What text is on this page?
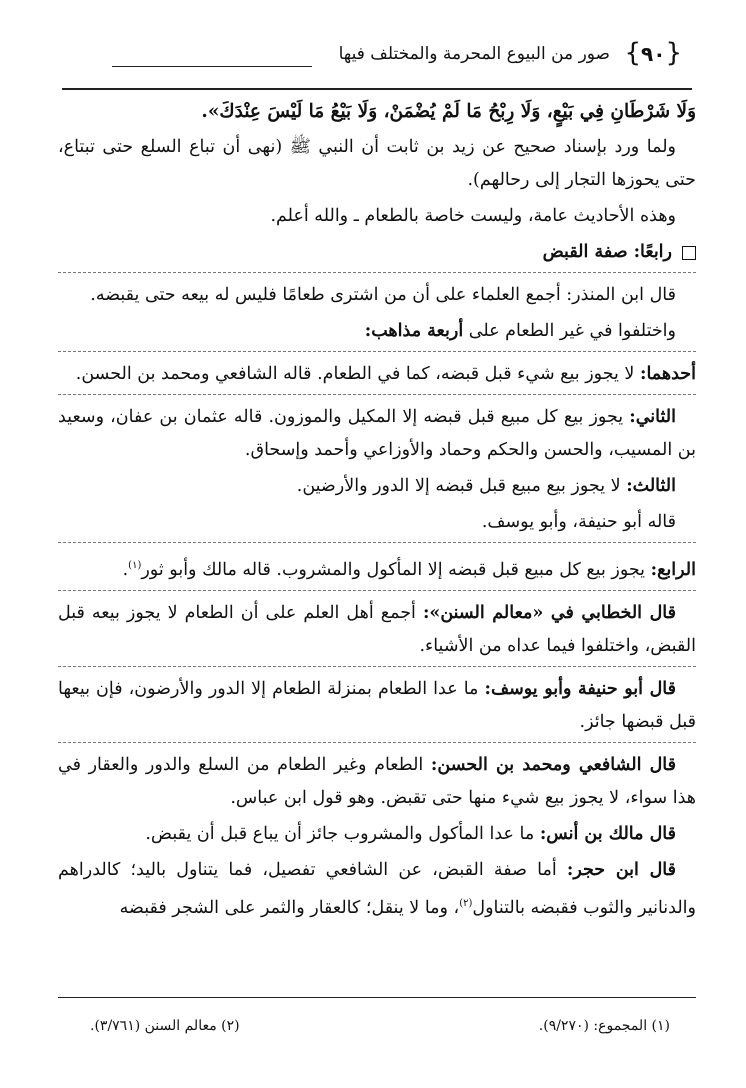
{٩٠}
صور من البيوع المحرمة والمختلف فيها

وَلَا شَرْطَانِ فِي بَيْعٍ، وَلَا رِبْحُ مَا لَمْ يُضْمَنْ، وَلَا بَيْعُ مَا لَيْسَ عِنْدَكَ».

ولما ورد بإسناد صحيح عن زيد بن ثابت أن النبي ﷺ (نهى أن تباع السلع حتى تبتاع، حتى يحوزها التجار إلى رحالهم).

وهذه الأحاديث عامة، وليست خاصة بالطعام ـ والله أعلم.

رابعًا:
صفة القبض

قال ابن المنذر: أجمع العلماء على أن من اشترى طعامًا فليس له بيعه حتى يقبضه.

واختلفوا في غير الطعام على أربعة مذاهب:

أحدهما: لا يجوز بيع شيء قبل قبضه، كما في الطعام. قاله الشافعي ومحمد بن الحسن.

الثاني: يجوز بيع كل مبيع قبل قبضه إلا المكيل والموزون. قاله عثمان بن عفان، وسعيد بن المسيب، والحسن والحكم وحماد والأوزاعي وأحمد وإسحاق.

الثالث: لا يجوز بيع مبيع قبل قبضه إلا الدور والأرضين.

قاله أبو حنيفة، وأبو يوسف.

الرابع: يجوز بيع كل مبيع قبل قبضه إلا المأكول والمشروب. قاله مالك وأبو ثور$^{(١)}$.

قال الخطابي في «معالم السنن»: أجمع أهل العلم على أن الطعام لا يجوز بيعه قبل القبض، واختلفوا فيما عداه من الأشياء.

قال أبو حنيفة وأبو يوسف: ما عدا الطعام بمنزلة الطعام إلا الدور والأرضون، فإن بيعها قبل قبضها جائز.

قال الشافعي ومحمد بن الحسن: الطعام وغير الطعام من السلع والدور والعقار في هذا سواء، لا يجوز بيع شيء منها حتى تقبض. وهو قول ابن عباس.

قال مالك بن أنس: ما عدا المأكول والمشروب جائز أن يباع قبل أن يقبض.

قال ابن حجر: أما صفة القبض، عن الشافعي تفصيل، فما يتناول باليد؛ كالدراهم والدنانير والثوب فقبضه بالتناول$^{(٢)}$، وما لا ينقل؛ كالعقار والثمر على الشجر فقبضه

(١) المجموع: (٩/٢٧٠).
(٢) معالم السنن (٣/٧٦١).
